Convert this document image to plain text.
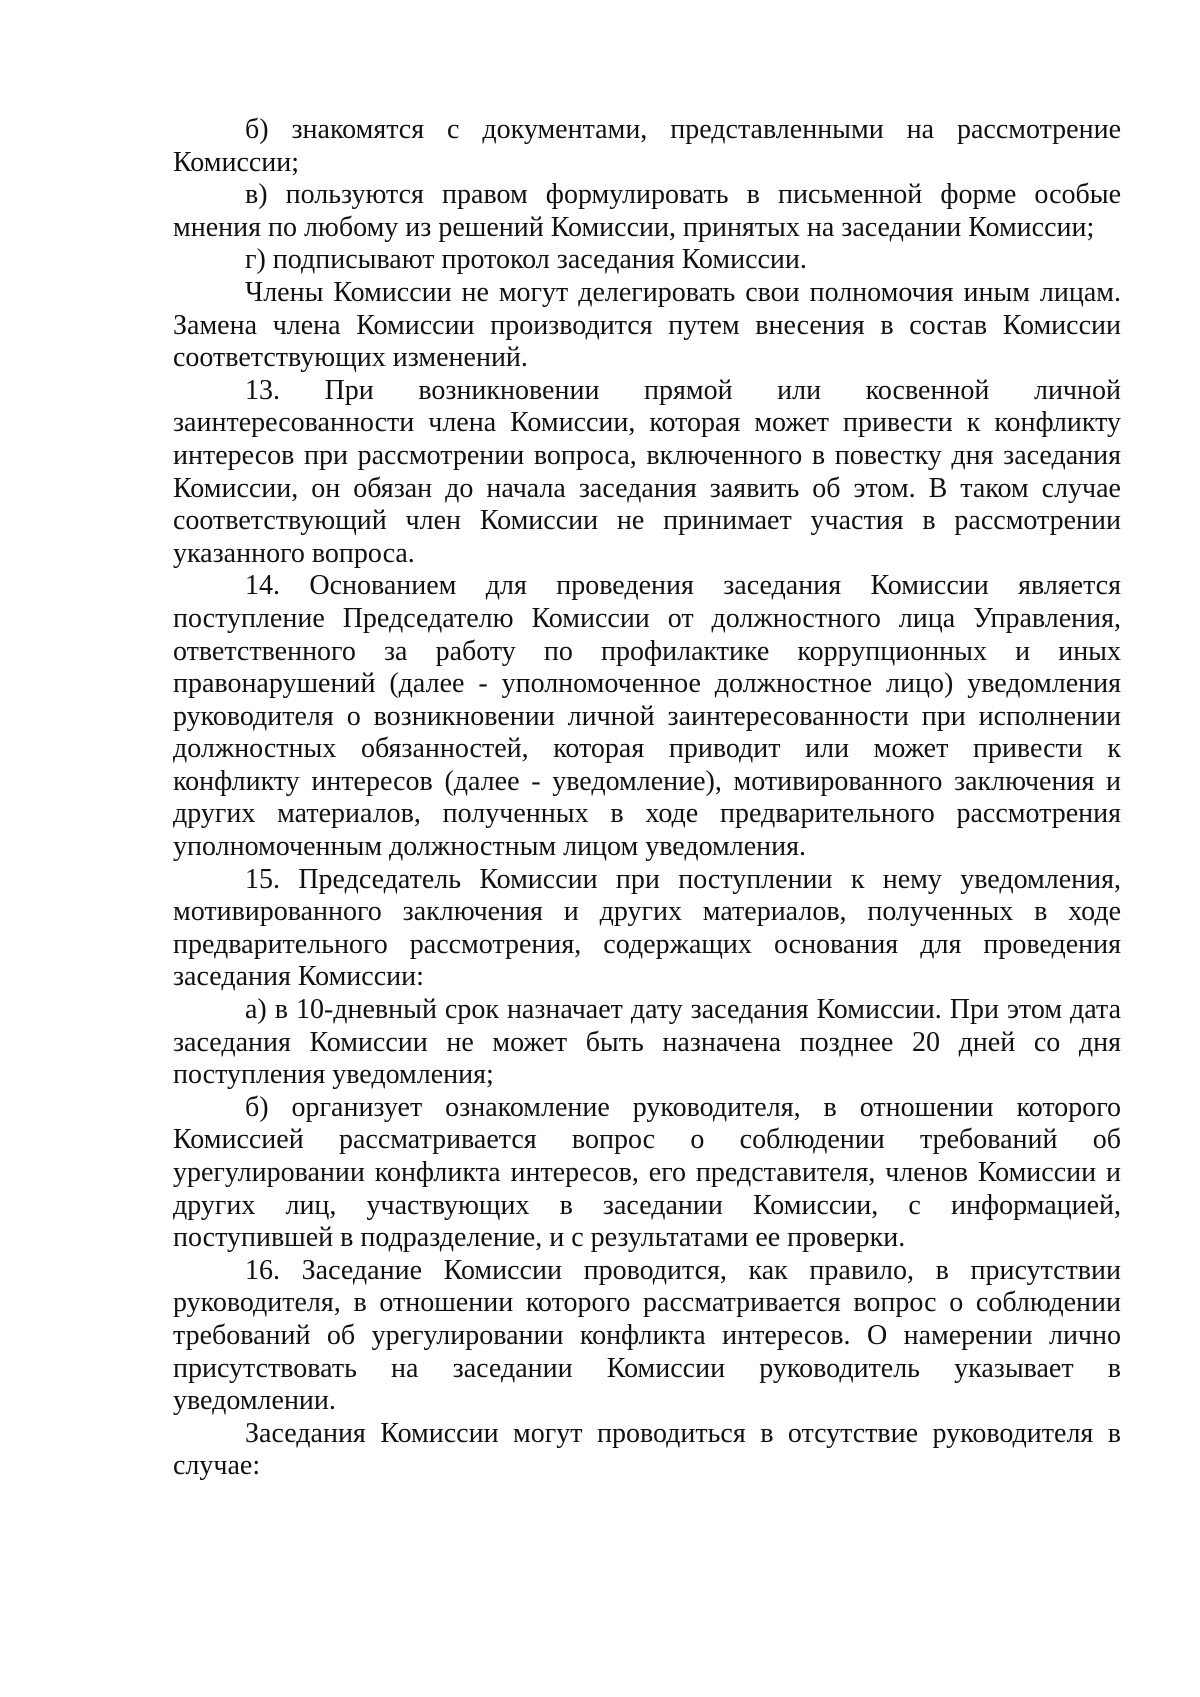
б) знакомятся с документами, представленными на рассмотрение Комиссии;

в) пользуются правом формулировать в письменной форме особые мнения по любому из решений Комиссии, принятых на заседании Комиссии;

г) подписывают протокол заседания Комиссии.

Члены Комиссии не могут делегировать свои полномочия иным лицам. Замена члена Комиссии производится путем внесения в состав Комиссии соответствующих изменений.

13. При возникновении прямой или косвенной личной заинтересованности члена Комиссии, которая может привести к конфликту интересов при рассмотрении вопроса, включенного в повестку дня заседания Комиссии, он обязан до начала заседания заявить об этом. В таком случае соответствующий член Комиссии не принимает участия в рассмотрении указанного вопроса.

14. Основанием для проведения заседания Комиссии является поступление Председателю Комиссии от должностного лица Управления, ответственного за работу по профилактике коррупционных и иных правонарушений (далее - уполномоченное должностное лицо) уведомления руководителя о возникновении личной заинтересованности при исполнении должностных обязанностей, которая приводит или может привести к конфликту интересов (далее - уведомление), мотивированного заключения и других материалов, полученных в ходе предварительного рассмотрения уполномоченным должностным лицом уведомления.

15. Председатель Комиссии при поступлении к нему уведомления, мотивированного заключения и других материалов, полученных в ходе предварительного рассмотрения, содержащих основания для проведения заседания Комиссии:

а) в 10-дневный срок назначает дату заседания Комиссии. При этом дата заседания Комиссии не может быть назначена позднее 20 дней со дня поступления уведомления;

б) организует ознакомление руководителя, в отношении которого Комиссией рассматривается вопрос о соблюдении требований об урегулировании конфликта интересов, его представителя, членов Комиссии и других лиц, участвующих в заседании Комиссии, с информацией, поступившей в подразделение, и с результатами ее проверки.

16. Заседание Комиссии проводится, как правило, в присутствии руководителя, в отношении которого рассматривается вопрос о соблюдении требований об урегулировании конфликта интересов. О намерении лично присутствовать на заседании Комиссии руководитель указывает в уведомлении.

Заседания Комиссии могут проводиться в отсутствие руководителя в случае:
